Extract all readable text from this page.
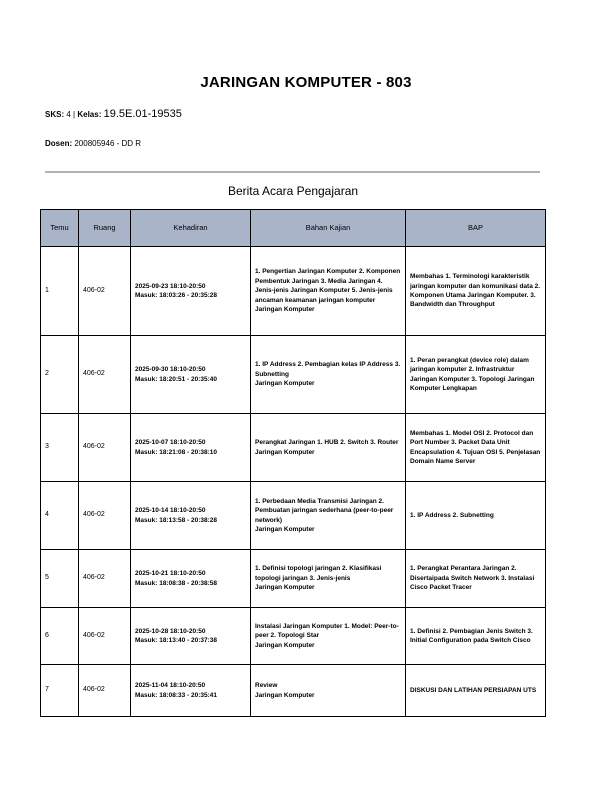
JARINGAN KOMPUTER - 803
SKS: 4 | Kelas: 19.5E.01-19535
Dosen: 200805946 - DD R
Berita Acara Pengajaran
Temu	Ruang	Kehadiran	Bahan Kajian	BAP
1	406-02	2025-09-23 18:10-20:50
Masuk: 18:03:26 - 20:35:28	1. Pengertian Jaringan Komputer 2. Komponen Pembentuk Jaringan 3. Media Jaringan 4. Jenis-jenis Jaringan Komputer 5. Jenis-jenis ancaman keamanan jaringan komputer
Jaringan Komputer	Membahas 1. Terminologi karakteristik jaringan komputer dan komunikasi data 2. Komponen Utama Jaringan Komputer. 3. Bandwidth dan Throughput
2	406-02	2025-09-30 18:10-20:50
Masuk: 18:20:51 - 20:35:40	1. IP Address 2. Pembagian kelas IP Address 3. Subnetting
Jaringan Komputer	1. Peran perangkat (device role) dalam jaringan komputer 2. Infrastruktur Jaringan Komputer 3. Topologi Jaringan Komputer Lengkapan
3	406-02	2025-10-07 18:10-20:50
Masuk: 18:21:08 - 20:38:10	Perangkat Jaringan 1. HUB 2. Switch 3. Router
Jaringan Komputer	Membahas 1. Model OSI 2. Protocol dan Port Number 3. Packet Data Unit Encapsulation 4. Tujuan OSI 5. Penjelasan Domain Name Server
4	406-02	2025-10-14 18:10-20:50
Masuk: 18:13:58 - 20:38:28	1. Perbedaan Media Transmisi Jaringan 2. Pembuatan jaringan sederhana (peer-to-peer network)
Jaringan Komputer	1. IP Address 2. Subnetting
5	406-02	2025-10-21 18:10-20:50
Masuk: 18:08:38 - 20:38:58	1. Definisi topologi jaringan 2. Klasifikasi topologi jaringan 3. Jenis-jenis
Jaringan Komputer	1. Perangkat Perantara Jaringan 2. Disertaipada Switch Network 3. Instalasi Cisco Packet Tracer
6	406-02	2025-10-28 18:10-20:50
Masuk: 18:13:40 - 20:37:38	Instalasi Jaringan Komputer 1. Model: Peer-to-peer 2. Topologi Star
Jaringan Komputer	1. Definisi 2. Pembagian Jenis Switch 3. Initial Configuration pada Switch Cisco
7	406-02	2025-11-04 18:10-20:50
Masuk: 18:08:33 - 20:35:41	Review
Jaringan Komputer	DISKUSI DAN LATIHAN PERSIAPAN UTS
